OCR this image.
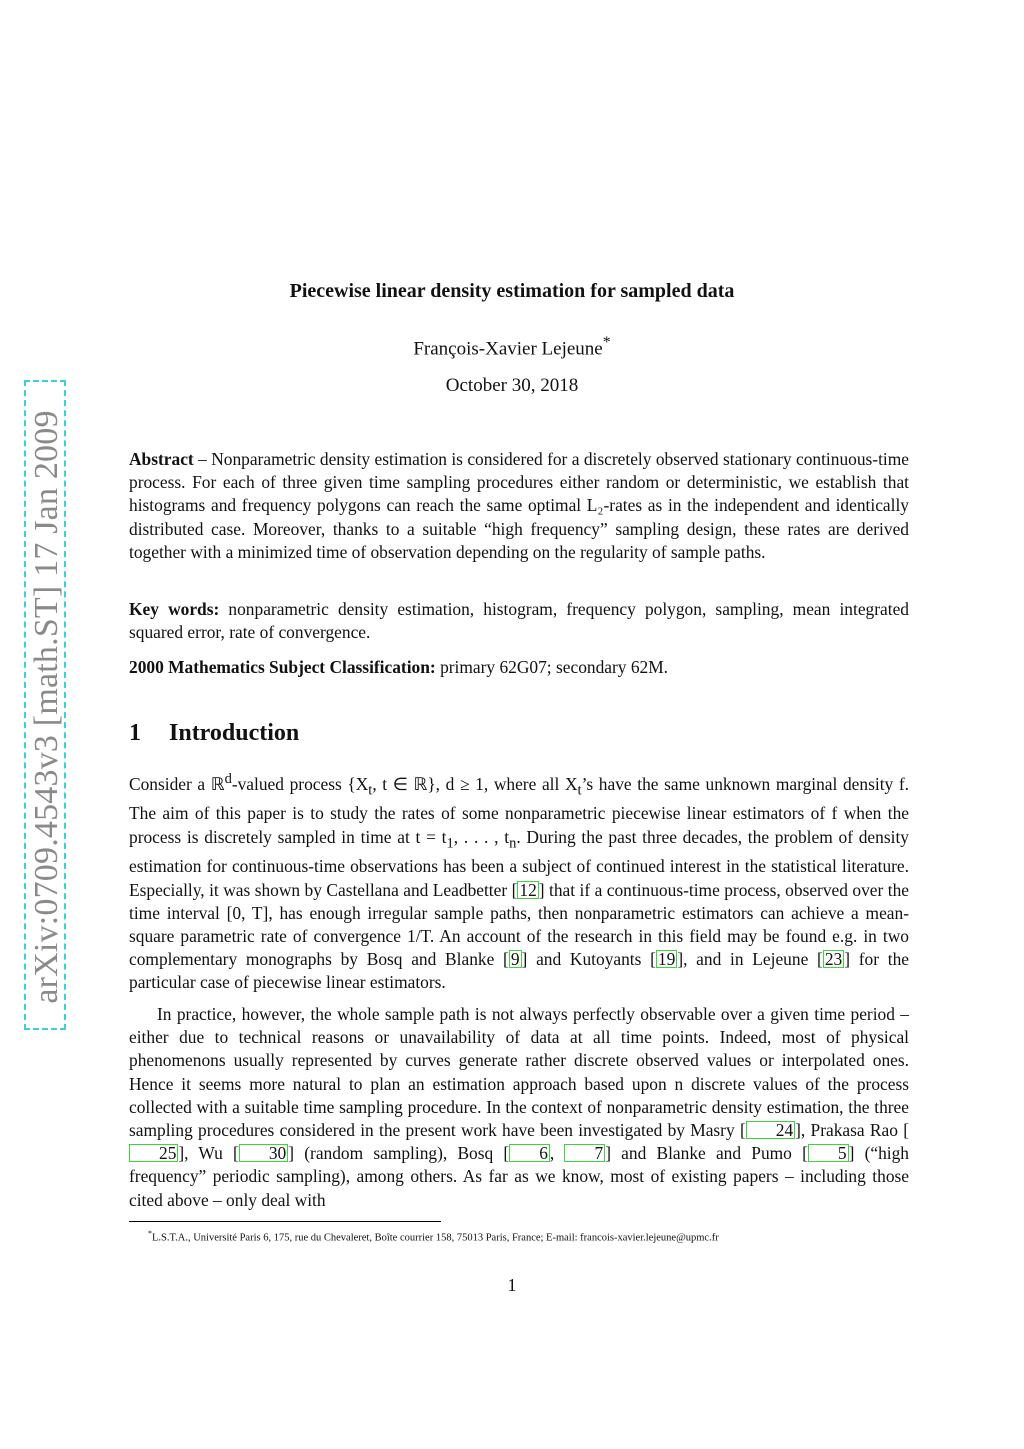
arXiv:0709.4543v3 [math.ST] 17 Jan 2009
Piecewise linear density estimation for sampled data
François-Xavier Lejeune*
October 30, 2018

Abstract – Nonparametric density estimation is considered for a discretely observed stationary continuous-time process. For each of three given time sampling procedures either random or deterministic, we establish that histograms and frequency polygons can reach the same optimal L₂-rates as in the independent and identically distributed case. Moreover, thanks to a suitable “high frequency” sampling design, these rates are derived together with a minimized time of observation depending on the regularity of sample paths.

Key words: nonparametric density estimation, histogram, frequency polygon, sampling, mean integrated squared error, rate of convergence.

2000 Mathematics Subject Classification: primary 62G07; secondary 62M.

1 Introduction

Consider a ℝ$^d$-valued process {$X_t$, t ∈ ℝ}, d ≥ 1, where all $X_t’s$ have the same unknown marginal density f. The aim of this paper is to study the rates of some nonparametric piecewise linear estimators of f when the process is discretely sampled in time at $t = t_1$, . . . , $t_n$. During the past three decades, the problem of density estimation for continuous-time observations has been a subject of continued interest in the statistical literature. Especially, it was shown by Castellana and Leadbetter [ 12 ] that if a continuous-time process, observed over the time interval [0, T], has enough irregular sample paths, then nonparametric estimators can achieve a mean-square parametric rate of convergence 1/T. An account of the research in this field may be found e.g. in two complementary monographs by Bosq and Blanke [ 9 ] and Kutoyants [ 19 ], and in Lejeune [ 23 ] for the particular case of piecewise linear estimators.

In practice, however, the whole sample path is not always perfectly observable over a given time period – either due to technical reasons or unavailability of data at all time points. Indeed, most of physical phenomenons usually represented by curves generate rather discrete observed values or interpolated ones. Hence it seems more natural to plan an estimation approach based upon n discrete values of the process collected with a suitable time sampling procedure. In the context of nonparametric density estimation, the three sampling procedures considered in the present work have been investigated by Masry [ 24 ], Prakasa Rao [25 ], Wu [ 30 ] (random sampling), Bosq [ 6 , 7 ] and Blanke and Pumo [ 5 ] (“high frequency” periodic sampling), among others. As far as we know, most of existing papers – including those cited above – only deal with

*L.S.T.A., Université Paris 6, 175, rue du Chevaleret, Boîte courrier 158, 75013 Paris, France; E-mail: francois-xavier.lejeune@upmc.fr
1
